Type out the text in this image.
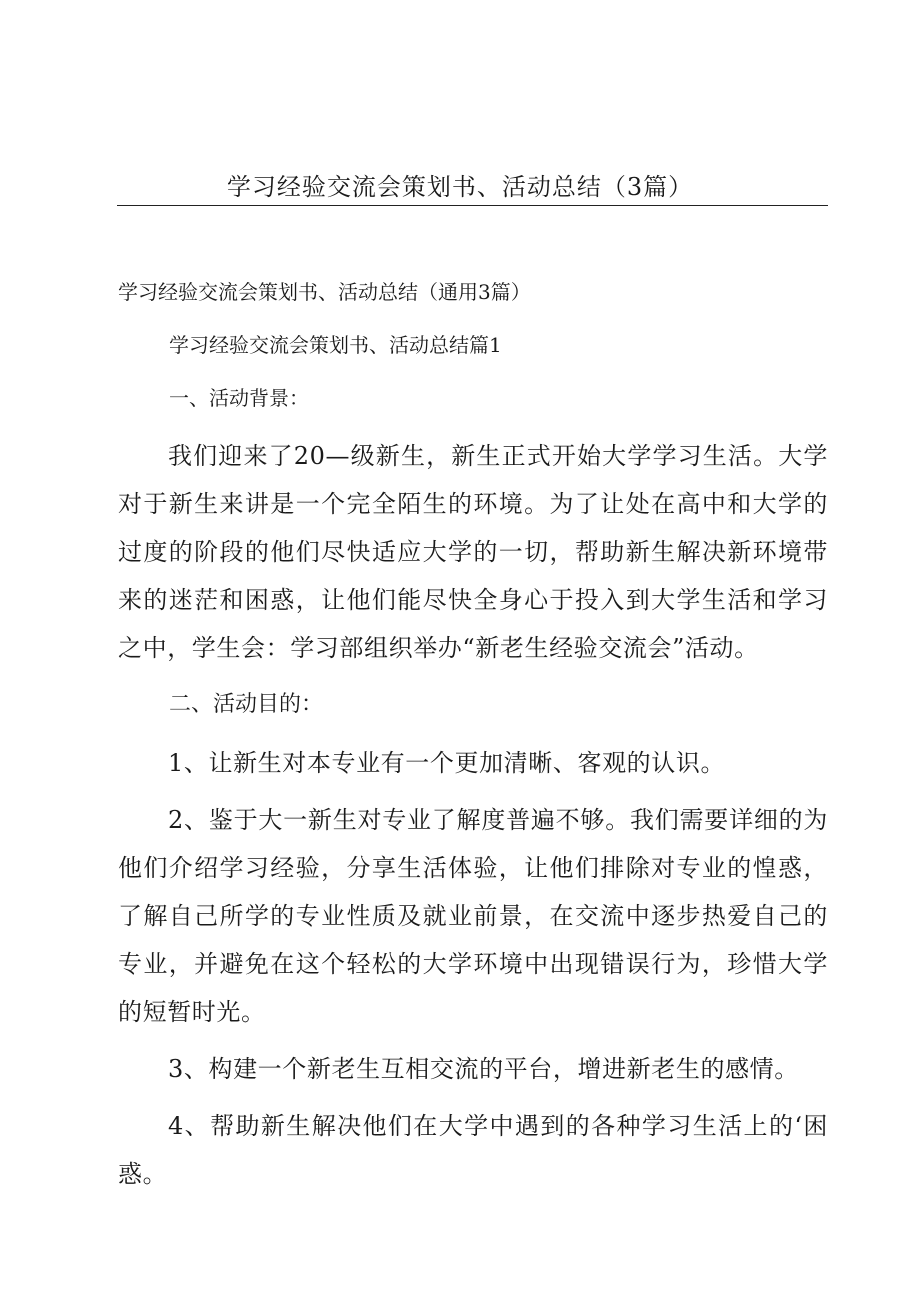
学习经验交流会策划书、活动总结（3篇）

学习经验交流会策划书、活动总结（通用3篇）

学习经验交流会策划书、活动总结篇1

一、活动背景：

我们迎来了20—级新生，新生正式开始大学学习生活。大学对于新生来讲是一个完全陌生的环境。为了让处在高中和大学的过度的阶段的他们尽快适应大学的一切，帮助新生解决新环境带来的迷茫和困惑，让他们能尽快全身心于投入到大学生活和学习之中，学生会：学习部组织举办“新老生经验交流会”活动。

二、活动目的：

1、让新生对本专业有一个更加清晰、客观的认识。

2、鉴于大一新生对专业了解度普遍不够。我们需要详细的为他们介绍学习经验，分享生活体验，让他们排除对专业的惶惑，了解自己所学的专业性质及就业前景，在交流中逐步热爱自己的专业，并避免在这个轻松的大学环境中出现错误行为，珍惜大学的短暂时光。

3、构建一个新老生互相交流的平台，增进新老生的感情。

4、帮助新生解决他们在大学中遇到的各种学习生活上的‘困惑。
